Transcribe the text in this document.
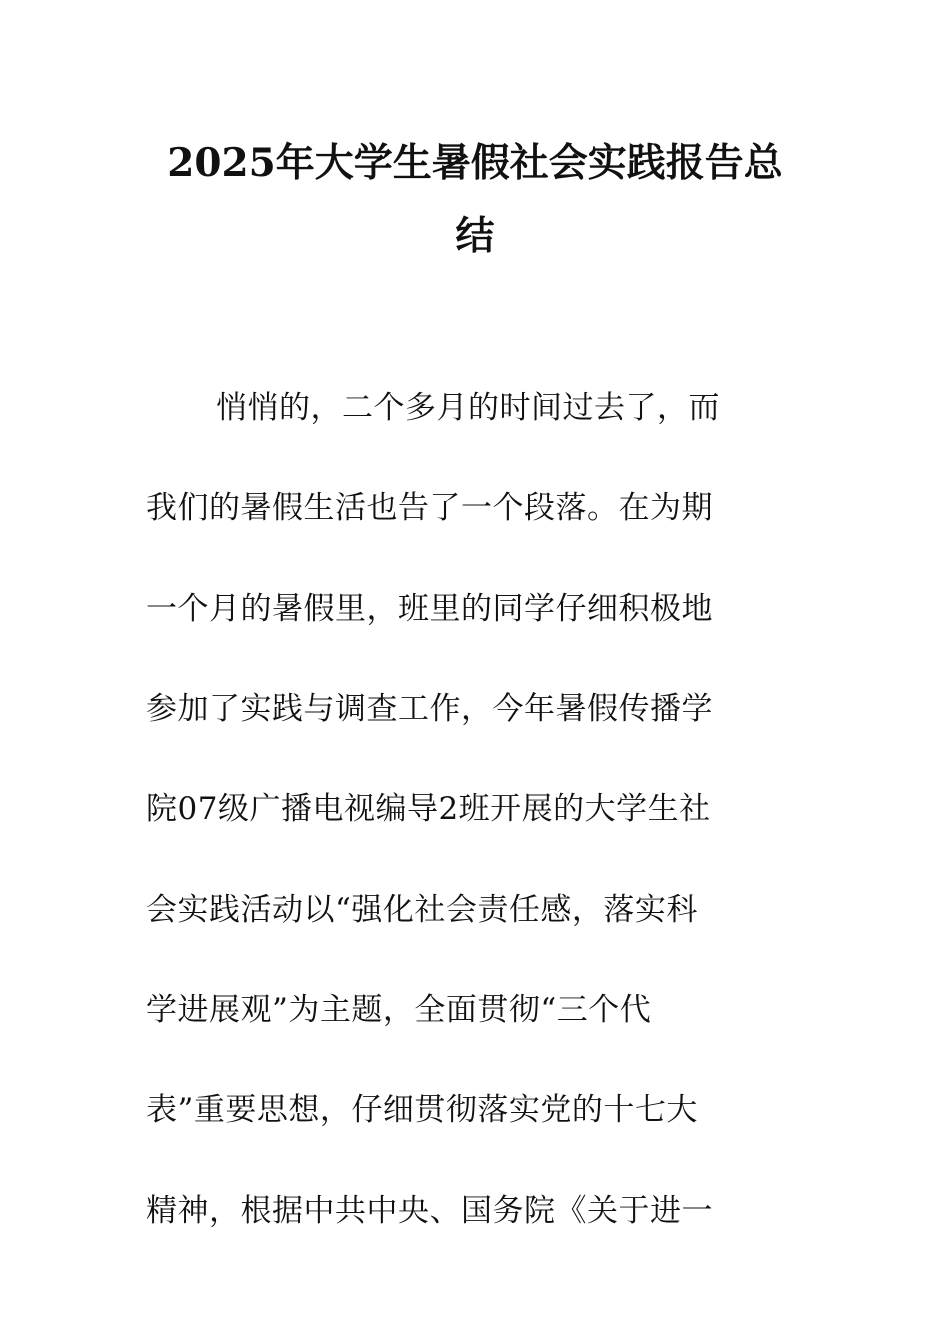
2025年大学生暑假社会实践报告总
结
悄悄的，二个多月的时间过去了，而
我们的暑假生活也告了一个段落。在为期
一个月的暑假里，班里的同学仔细积极地
参加了实践与调查工作，今年暑假传播学
院07级广播电视编导2班开展的大学生社
会实践活动以“强化社会责任感，落实科
学进展观”为主题，全面贯彻“三个代
表”重要思想，仔细贯彻落实党的十七大
精神，根据中共中央、国务院《关于进一
